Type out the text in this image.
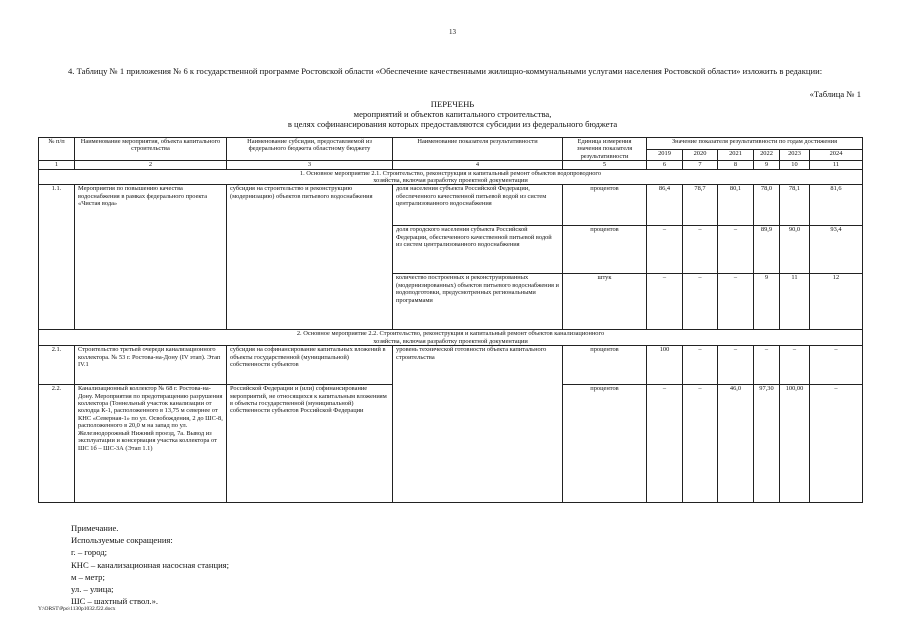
13
4. Таблицу № 1 приложения № 6 к государственной программе Ростовской области «Обеспечение качественными жилищно-коммунальными услугами населения Ростовской области» изложить в редакции:
«Таблица № 1
ПЕРЕЧЕНЬ
мероприятий и объектов капитального строительства,
в целях софинансирования которых предоставляются субсидии из федерального бюджета
№ п/п	Наименование мероприятия, объекта капитального строительства	Наименование субсидии, предоставляемой из федерального бюджета областному бюджету	Наименование показателя результативности	Единица измерения значения показателя результативности	Значение показателя результативности по годам достижения					
					2019	2020	2021	2022	2023	2024
1	2	3	4	5	6	7	8	9	10	11
1. Основное мероприятие 2.1. Строительство, реконструкция и капитальный ремонт объектов водопроводного хозяйства, включая разработку проектной документации										
1.1.	Мероприятия по повышению качества водоснабжения в рамках федерального проекта «Чистая вода»	субсидия на строительство и реконструкцию (модернизацию) объектов питьевого водоснабжения	доля населения субъекта Российской Федерации, обеспеченного качественной питьевой водой из систем централизованного водоснабжения	процентов	86,4	78,7	80,1	78,0	78,1	81,6
			доля городского населения субъекта Российской Федерации, обеспеченного качественной питьевой водой из систем централизованного водоснабжения	процентов	–	–	–	89,9	90,0	93,4
			количество построенных и реконструированных (модернизированных) объектов питьевого водоснабжения и водоподготовки, предусмотренных региональными программами	штук	–	–	–	9	11	12
2. Основное мероприятие 2.2. Строительство, реконструкция и капитальный ремонт объектов канализационного хозяйства, включая разработку проектной документации										
2.1.	Строительство третьей очереди канализационного коллектора. № 53 г. Ростова-на-Дону (IV этап). Этап IV.1	субсидия на софинансирование капитальных вложений в объекты государственной (муниципальной) собственности субъектов	уровень технической готовности объекта капитального строительства	процентов	100	–	–	–	–	–
2.2.	Канализационный коллектор № 68 г. Ростова-на-Дону. Мероприятия по предотвращению разрушения коллектора (Тоннельный участок канализации от колодца К-1, расположенного в 13,75 м севернее от КНС «Северная-1» по ул. Освобождения, 2 до ШС-8, расположенного в 20,0 м на запад по ул. Железнодорожный Нижний проезд, 7а. Вывод из эксплуатации и консервация участка коллектора от ШС 1б – ШС-3А (Этап 1.1)	Российской Федерации и (или) софинансирование мероприятий, не относящихся к капитальным вложениям в объекты государственной (муниципальной) собственности субъектов Российской Федерации		процентов	–	–	46,0	97,30	100,00	–
Примечание.
Используемые сокращения:
г. – город;
КНС – канализационная насосная станция;
м – метр;
ул. – улица;
ШС – шахтный ствол.».
Y:\ORST\Ppo\1130p1032.f22.docx
